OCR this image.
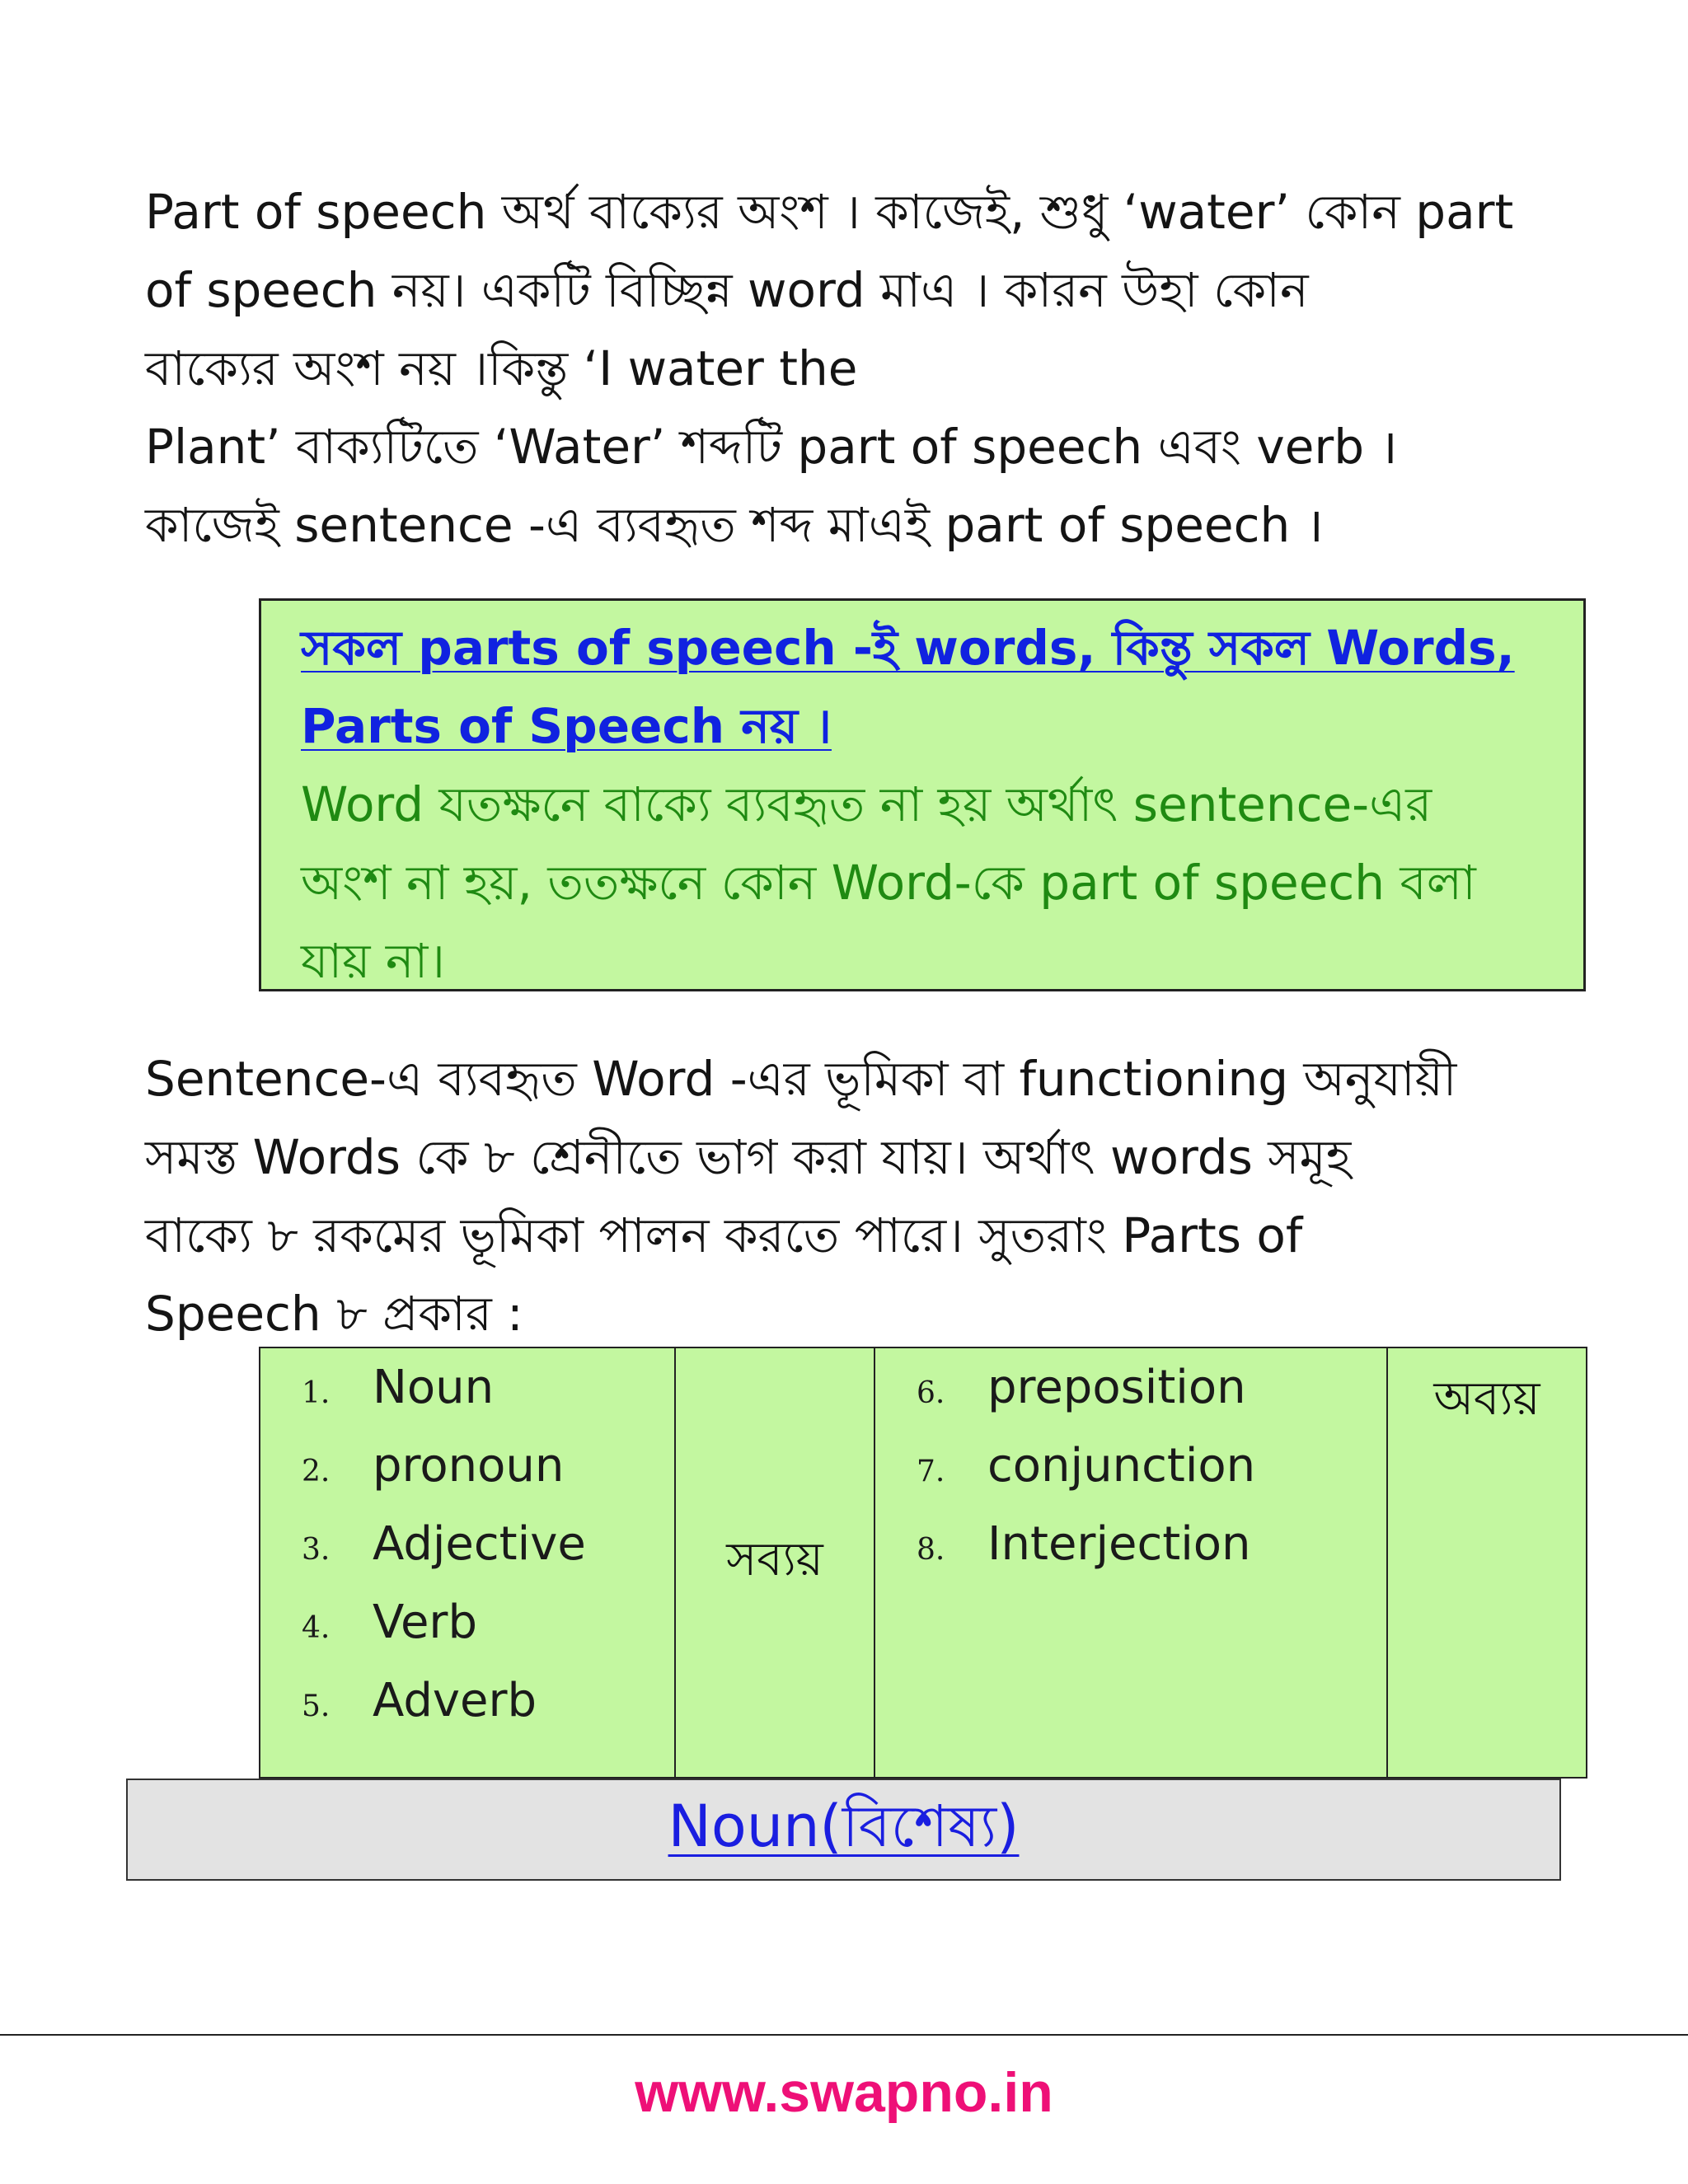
Part of speech অর্থ বাক্যের অংশ । কাজেই, শুধু ‘water’ কোন part

of speech নয়। একটি বিচ্ছিন্ন word মাএ । কারন উহা কোন

বাক্যের অংশ নয় ।কিন্তু ‘I water the

Plant’ বাক্যটিতে ‘Water’ শব্দটি part of speech এবং verb ।

কাজেই sentence -এ ব্যবহৃত শব্দ মাএই part of speech ।

সকল parts of speech -ই words, কিন্তু সকল Words,

Parts of Speech নয় ।

Word যতক্ষনে বাক্যে ব্যবহৃত না হয় অর্থাৎ sentence-এর

অংশ না হয়, ততক্ষনে কোন Word-কে part of speech বলা

যায় না।

Sentence-এ ব্যবহৃত Word -এর ভূমিকা বা functioning অনুযায়ী

সমস্ত Words কে ৮ শ্রেনীতে ভাগ করা যায়। অর্থাৎ words সমূহ

বাক্যে ৮ রকমের ভূমিকা পালন করতে পারে। সুতরাং Parts of

Speech ৮ প্রকার :

1. Noun
2. pronoun
3. Adjective
4. Verb
5. Adverb
	সব্যয়	
6. preposition
7. conjunction
8. Interjection
	অব্যয়
Noun(বিশেষ্য)
www.swapno.in
